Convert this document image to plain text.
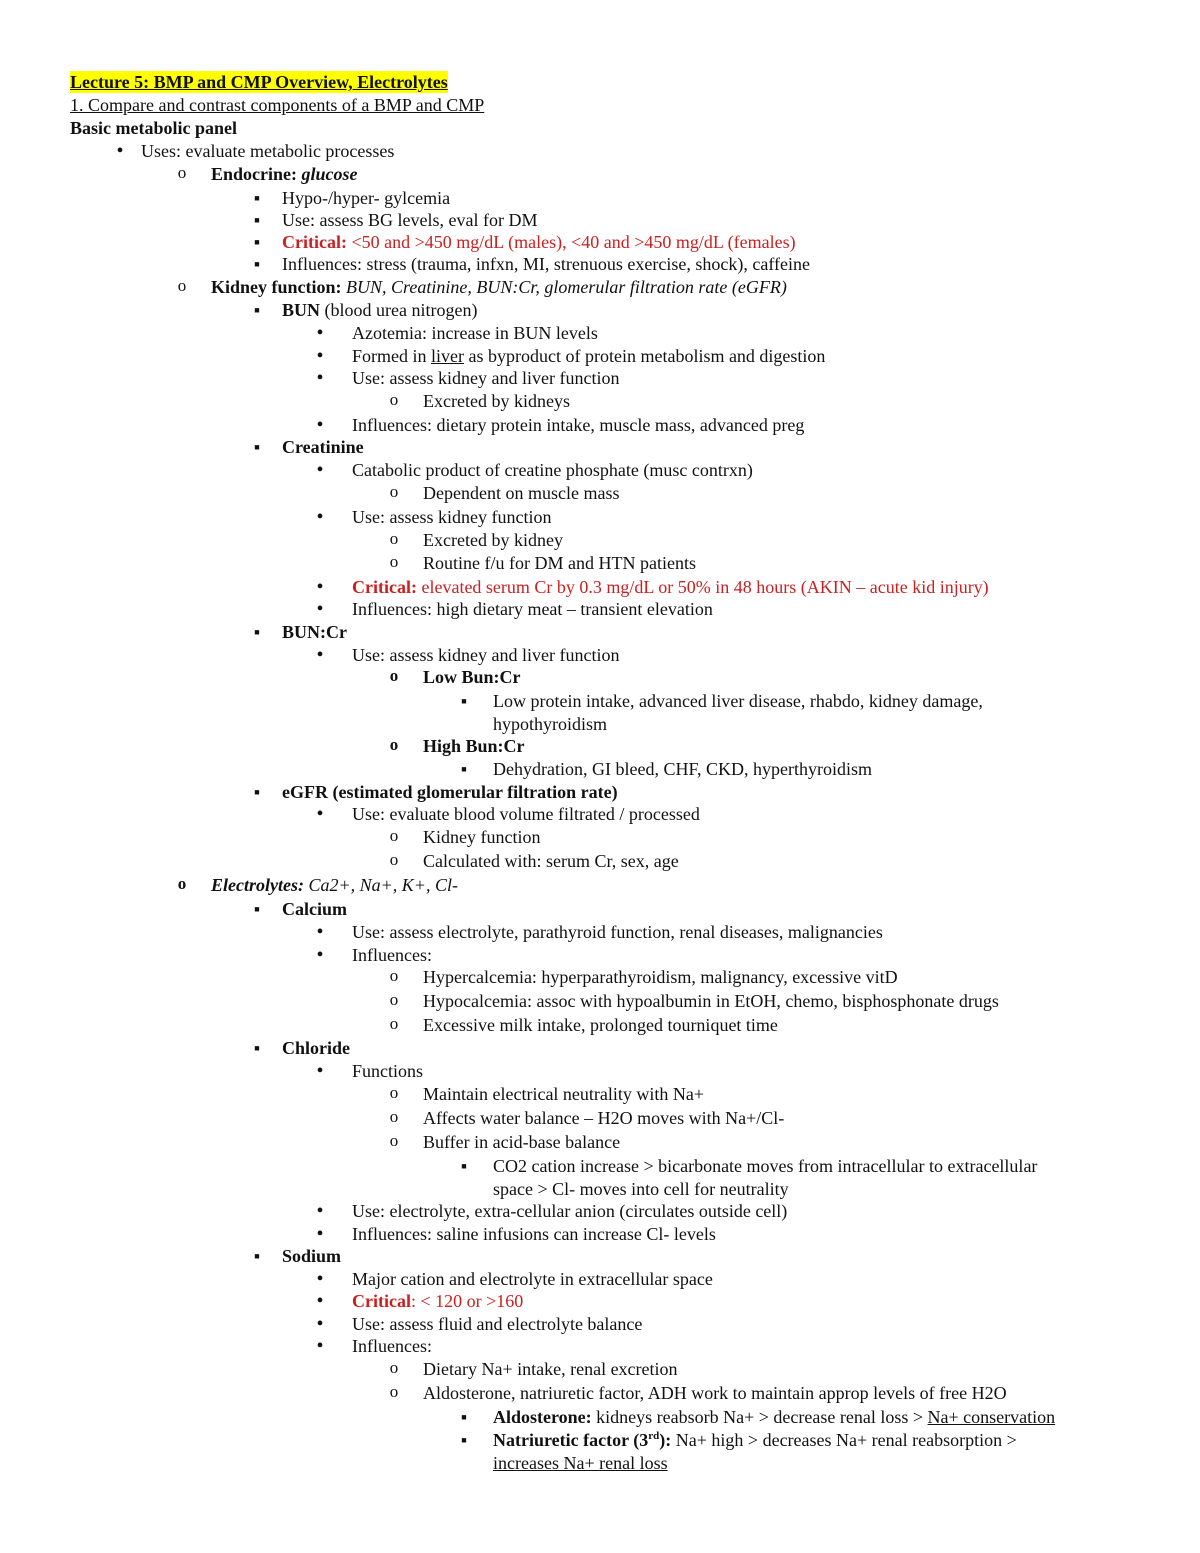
Lecture 5: BMP and CMP Overview, Electrolytes
1. Compare and contrast components of a BMP and CMP
Basic metabolic panel
• Uses: evaluate metabolic processes
o Endocrine: glucose
■ Hypo-/hyper- gylcemia
■ Use: assess BG levels, eval for DM
■ Critical: <50 and >450 mg/dL (males), <40 and >450 mg/dL (females)
■ Influences: stress (trauma, infxn, MI, strenuous exercise, shock), caffeine
o Kidney function: BUN, Creatinine, BUN:Cr, glomerular filtration rate (eGFR)
■ BUN (blood urea nitrogen)
• Azotemia: increase in BUN levels
• Formed in liver as byproduct of protein metabolism and digestion
• Use: assess kidney and liver function
o Excreted by kidneys
• Influences: dietary protein intake, muscle mass, advanced preg
■ Creatinine
• Catabolic product of creatine phosphate (musc contrxn)
o Dependent on muscle mass
• Use: assess kidney function
o Excreted by kidney
o Routine f/u for DM and HTN patients
• Critical: elevated serum Cr by 0.3 mg/dL or 50% in 48 hours (AKIN – acute kid injury)
• Influences: high dietary meat – transient elevation
■ BUN:Cr
• Use: assess kidney and liver function
o Low Bun:Cr
■ Low protein intake, advanced liver disease, rhabdo, kidney damage,
hypothyroidism
o High Bun:Cr
■ Dehydration, GI bleed, CHF, CKD, hyperthyroidism
■ eGFR (estimated glomerular filtration rate)
• Use: evaluate blood volume filtrated / processed
o Kidney function
o Calculated with: serum Cr, sex, age
o Electrolytes: Ca2+, Na+, K+, Cl-
■ Calcium
• Use: assess electrolyte, parathyroid function, renal diseases, malignancies
• Influences:
o Hypercalcemia: hyperparathyroidism, malignancy, excessive vitD
o Hypocalcemia: assoc with hypoalbumin in EtOH, chemo, bisphosphonate drugs
o Excessive milk intake, prolonged tourniquet time
■ Chloride
• Functions
o Maintain electrical neutrality with Na+
o Affects water balance – H2O moves with Na+/Cl-
o Buffer in acid-base balance
■ CO2 cation increase > bicarbonate moves from intracellular to extracellular
space > Cl- moves into cell for neutrality
• Use: electrolyte, extra-cellular anion (circulates outside cell)
• Influences: saline infusions can increase Cl- levels
■ Sodium
• Major cation and electrolyte in extracellular space
• Critical: < 120 or >160
• Use: assess fluid and electrolyte balance
• Influences:
o Dietary Na+ intake, renal excretion
o Aldosterone, natriuretic factor, ADH work to maintain approp levels of free H2O
■ Aldosterone: kidneys reabsorb Na+ > decrease renal loss > Na+ conservation
■ Natriuretic factor (3rd): Na+ high > decreases Na+ renal reabsorption >
increases Na+ renal loss
